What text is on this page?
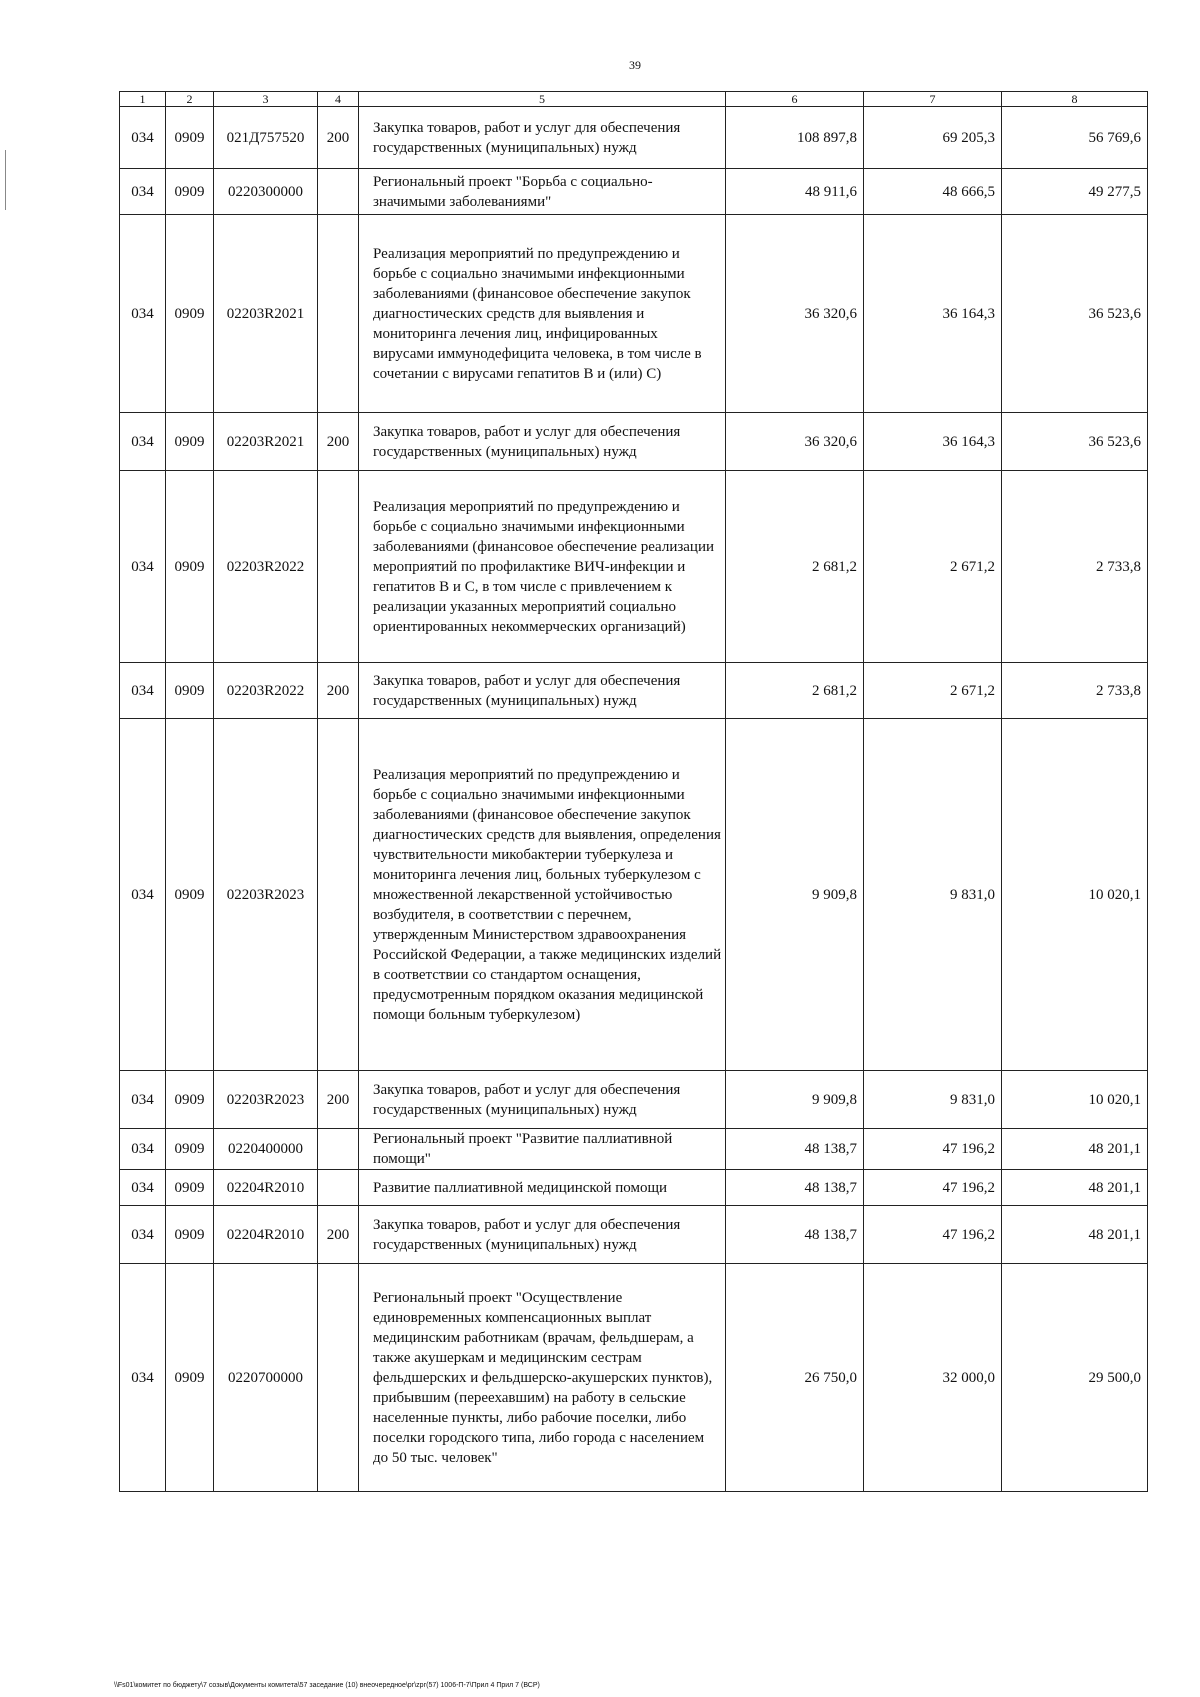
39
1	2	3	4	5	6	7	8
034	0909	021Д757520	200	Закупка товаров, работ и услуг для обеспечения государственных (муниципальных) нужд	108 897,8	69 205,3	56 769,6
034	0909	0220300000		Региональный проект "Борьба с социально-значимыми заболеваниями"	48 911,6	48 666,5	49 277,5
034	0909	02203R2021		Реализация мероприятий по предупреждению и борьбе с социально значимыми инфекционными заболеваниями (финансовое обеспечение закупок диагностических средств для выявления и мониторинга лечения лиц, инфицированных вирусами иммунодефицита человека, в том числе в сочетании с вирусами гепатитов В и (или) С)	36 320,6	36 164,3	36 523,6
034	0909	02203R2021	200	Закупка товаров, работ и услуг для обеспечения государственных (муниципальных) нужд	36 320,6	36 164,3	36 523,6
034	0909	02203R2022		Реализация мероприятий по предупреждению и борьбе с социально значимыми инфекционными заболеваниями (финансовое обеспечение реализации мероприятий по профилактике ВИЧ-инфекции и гепатитов В и С, в том числе с привлечением к реализации указанных мероприятий социально ориентированных некоммерческих организаций)	2 681,2	2 671,2	2 733,8
034	0909	02203R2022	200	Закупка товаров, работ и услуг для обеспечения государственных (муниципальных) нужд	2 681,2	2 671,2	2 733,8
034	0909	02203R2023		Реализация мероприятий по предупреждению и борьбе с социально значимыми инфекционными заболеваниями (финансовое обеспечение закупок диагностических средств для выявления, определения чувствительности микобактерии туберкулеза и мониторинга лечения лиц, больных туберкулезом с множественной лекарственной устойчивостью возбудителя, в соответствии с перечнем, утвержденным Министерством здравоохранения Российской Федерации, а также медицинских изделий в соответствии со стандартом оснащения, предусмотренным порядком оказания медицинской помощи больным туберкулезом)	9 909,8	9 831,0	10 020,1
034	0909	02203R2023	200	Закупка товаров, работ и услуг для обеспечения государственных (муниципальных) нужд	9 909,8	9 831,0	10 020,1
034	0909	0220400000		Региональный проект "Развитие паллиативной помощи"	48 138,7	47 196,2	48 201,1
034	0909	02204R2010		Развитие паллиативной медицинской помощи	48 138,7	47 196,2	48 201,1
034	0909	02204R2010	200	Закупка товаров, работ и услуг для обеспечения государственных (муниципальных) нужд	48 138,7	47 196,2	48 201,1
034	0909	0220700000		Региональный проект "Осуществление единовременных компенсационных выплат медицинским работникам (врачам, фельдшерам, а также акушеркам и медицинским сестрам фельдшерских и фельдшерско-акушерских пунктов), прибывшим (переехавшим) на работу в сельские населенные пункты, либо рабочие поселки, либо поселки городского типа, либо города с населением до 50 тыс. человек"	26 750,0	32 000,0	29 500,0
\\Fs01\комитет по бюджету\7 созыв\Документы комитета\57 заседание (10) внеочередное\рг\zрг(57) 1006-П-7\Прил 4 Прил 7 (ВСР)
